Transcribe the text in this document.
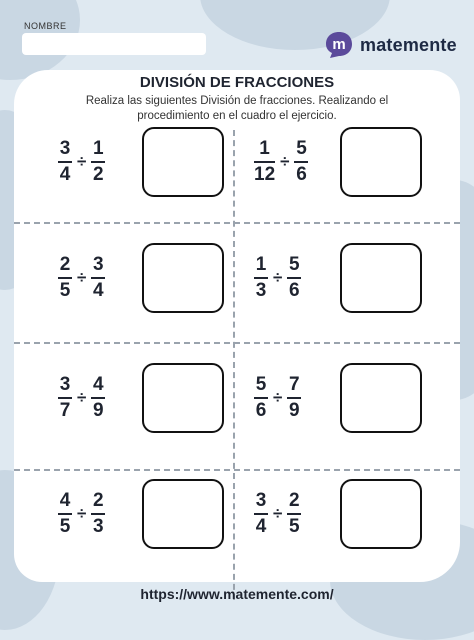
NOMBRE
m matemente
DIVISIÓN DE FRACCIONES
Realiza las siguientes División de fracciones. Realizando el procedimiento en el cuadro el ejercicio.
$\frac{3}{4} \div \frac{1}{2}$	$\frac{1}{12} \div \frac{5}{6}$
$\frac{2}{5} \div \frac{3}{4}$	$\frac{1}{3} \div \frac{5}{6}$
$\frac{3}{7} \div \frac{4}{9}$	$\frac{5}{6} \div \frac{7}{9}$
$\frac{4}{5} \div \frac{2}{3}$	$\frac{3}{4} \div \frac{2}{5}$
https://www.matemente.com/
